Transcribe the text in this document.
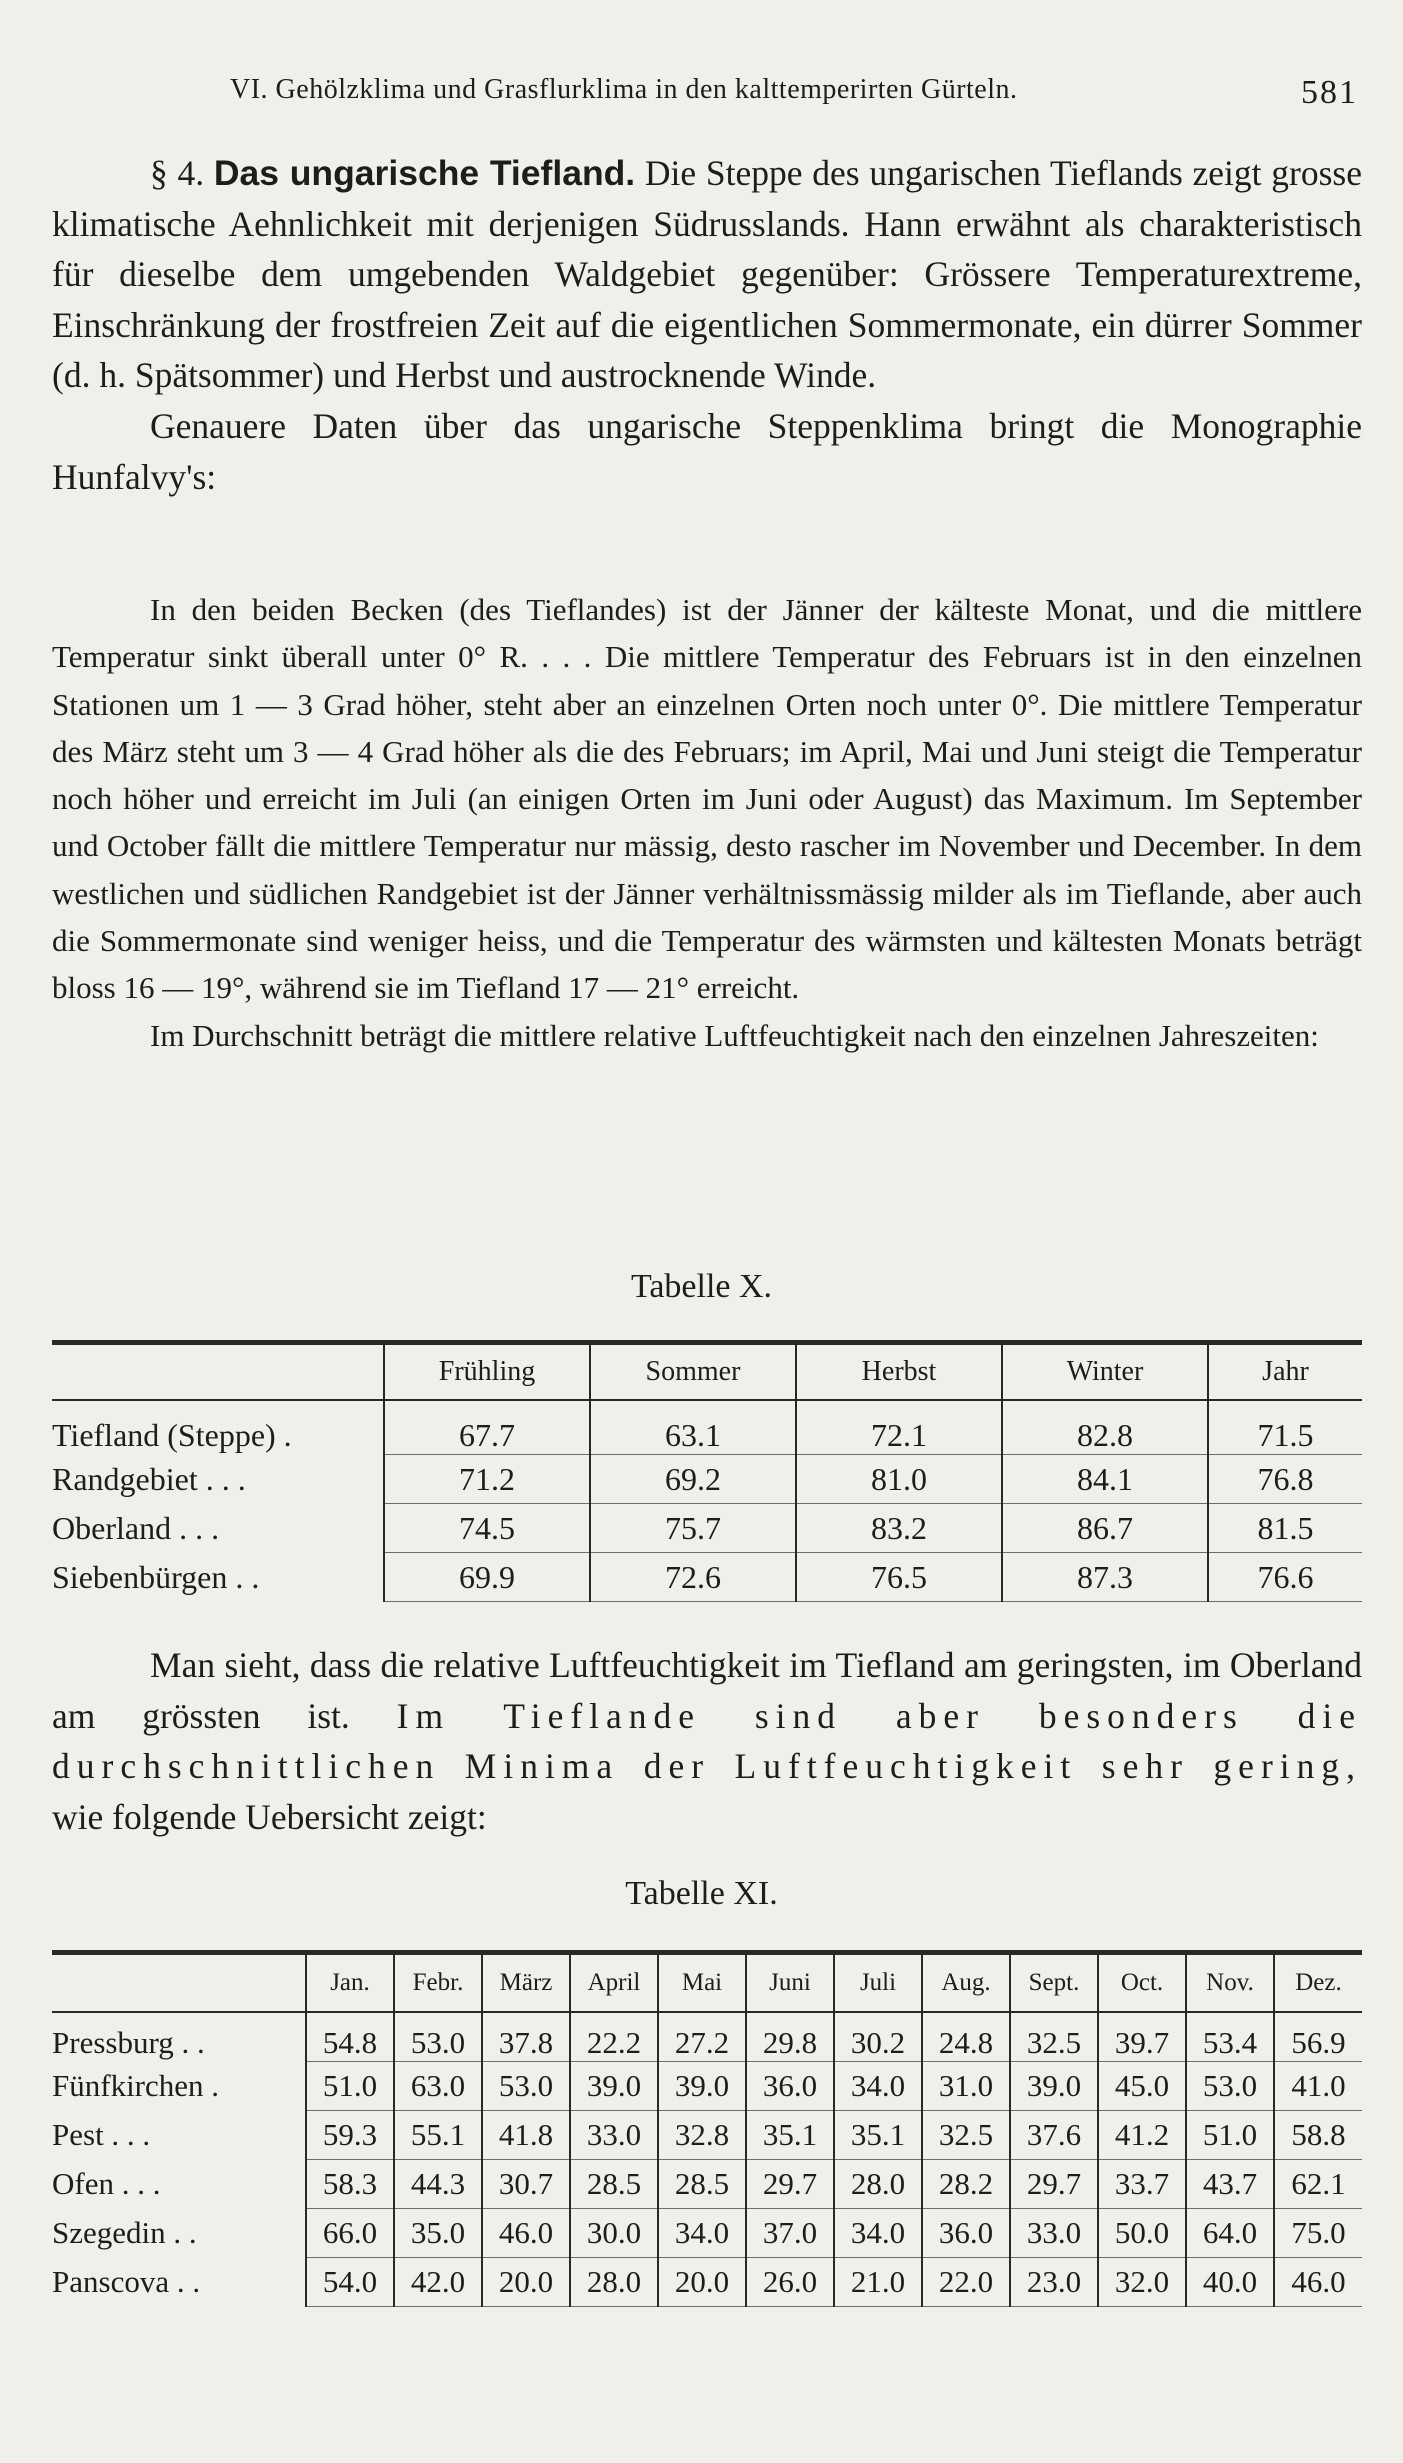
VI. Gehölzklima und Grasflurklima in den kalttemperirten Gürteln.	581

§ 4. Das ungarische Tiefland. Die Steppe des ungarischen Tieflands zeigt grosse klimatische Aehnlichkeit mit derjenigen Südrusslands. Hann erwähnt als charakteristisch für dieselbe dem umgebenden Waldgebiet gegenüber: Grössere Temperaturextreme, Einschränkung der frostfreien Zeit auf die eigentlichen Sommermonate, ein dürrer Sommer (d. h. Spätsommer) und Herbst und austrocknende Winde.

Genauere Daten über das ungarische Steppenklima bringt die Monographie Hunfalvy's:

In den beiden Becken (des Tieflandes) ist der Jänner der kälteste Monat, und die mittlere Temperatur sinkt überall unter 0° R. . . . Die mittlere Temperatur des Februars ist in den einzelnen Stationen um 1 — 3 Grad höher, steht aber an einzelnen Orten noch unter 0°. Die mittlere Temperatur des März steht um 3 — 4 Grad höher als die des Februars; im April, Mai und Juni steigt die Temperatur noch höher und erreicht im Juli (an einigen Orten im Juni oder August) das Maximum. Im September und October fällt die mittlere Temperatur nur mässig, desto rascher im November und December. In dem westlichen und südlichen Randgebiet ist der Jänner verhältnissmässig milder als im Tieflande, aber auch die Sommermonate sind weniger heiss, und die Temperatur des wärmsten und kältesten Monats beträgt bloss 16 — 19°, während sie im Tiefland 17 — 21° erreicht.

Im Durchschnitt beträgt die mittlere relative Luftfeuchtigkeit nach den einzelnen Jahreszeiten:

Tabelle X.
	Frühling	Sommer	Herbst	Winter	Jahr
Tiefland (Steppe) .	67.7	63.1	72.1	82.8	71.5
Randgebiet . . .	71.2	69.2	81.0	84.1	76.8
Oberland . . .	74.5	75.7	83.2	86.7	81.5
Siebenbürgen . .	69.9	72.6	76.5	87.3	76.6

Man sieht, dass die relative Luftfeuchtigkeit im Tiefland am geringsten, im Oberland am grössten ist. Im Tieflande sind aber besonders die durchschnittlichen Minima der Luftfeuchtigkeit sehr gering, wie folgende Uebersicht zeigt:

Tabelle XI.
	Jan.	Febr.	März	April	Mai	Juni	Juli	Aug.	Sept.	Oct.	Nov.	Dez.
Pressburg . .	54.8	53.0	37.8	22.2	27.2	29.8	30.2	24.8	32.5	39.7	53.4	56.9
Fünfkirchen .	51.0	63.0	53.0	39.0	39.0	36.0	34.0	31.0	39.0	45.0	53.0	41.0
Pest . . .	59.3	55.1	41.8	33.0	32.8	35.1	35.1	32.5	37.6	41.2	51.0	58.8
Ofen . . .	58.3	44.3	30.7	28.5	28.5	29.7	28.0	28.2	29.7	33.7	43.7	62.1
Szegedin . .	66.0	35.0	46.0	30.0	34.0	37.0	34.0	36.0	33.0	50.0	64.0	75.0
Panscova . .	54.0	42.0	20.0	28.0	20.0	26.0	21.0	22.0	23.0	32.0	40.0	46.0
